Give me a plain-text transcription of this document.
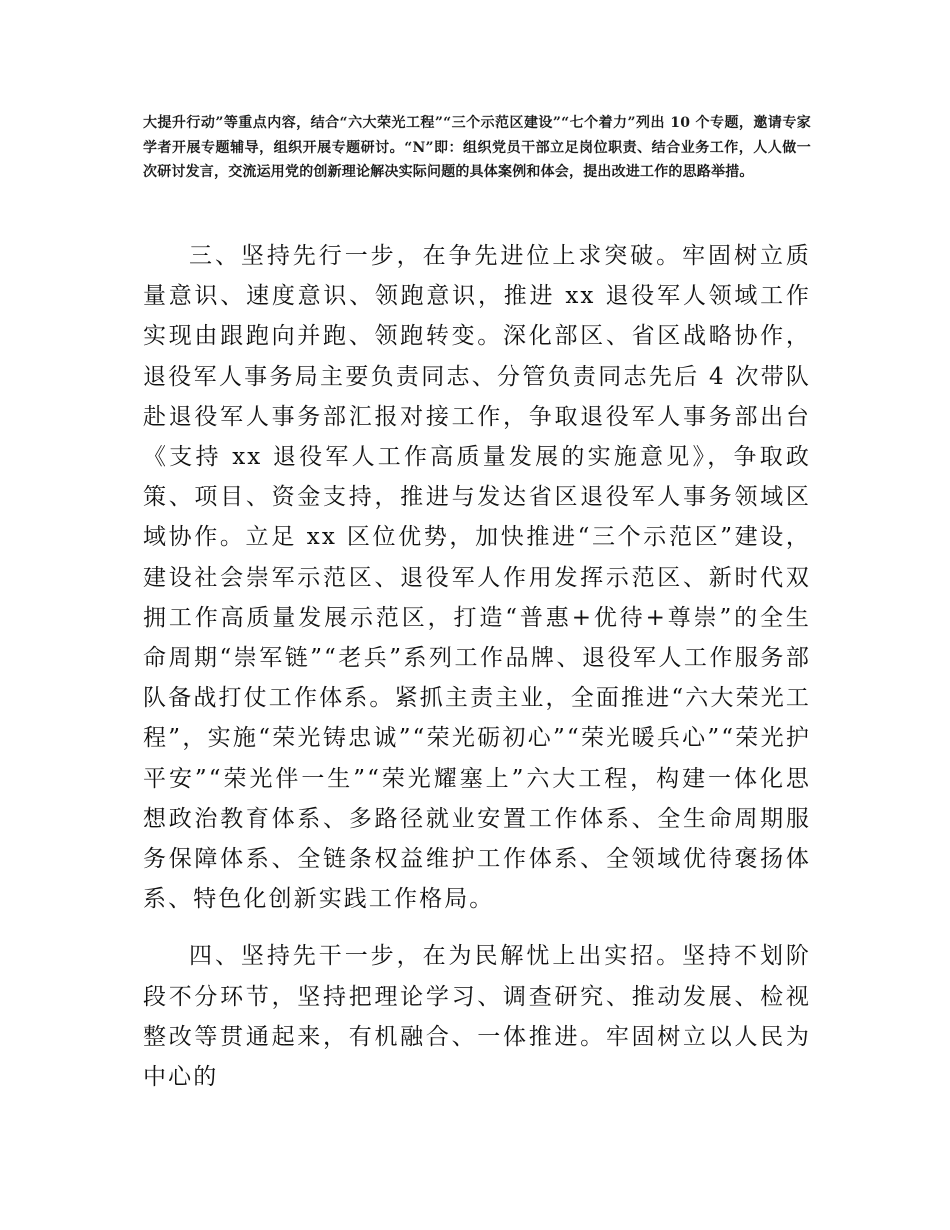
大提升行动”等重点内容，结合“六大荣光工程”“三个示范区建设”“七个着力”列出 10 个专题，邀请专家学者开展专题辅导，组织开展专题研讨。“N”即：组织党员干部立足岗位职责、结合业务工作，人人做一次研讨发言，交流运用党的创新理论解决实际问题的具体案例和体会，提出改进工作的思路举措。

三、坚持先行一步，在争先进位上求突破。牢固树立质量意识、速度意识、领跑意识，推进 xx 退役军人领域工作实现由跟跑向并跑、领跑转变。深化部区、省区战略协作，退役军人事务局主要负责同志、分管负责同志先后 4 次带队赴退役军人事务部汇报对接工作，争取退役军人事务部出台《支持 xx 退役军人工作高质量发展的实施意见》，争取政策、项目、资金支持，推进与发达省区退役军人事务领域区域协作。立足 xx 区位优势，加快推进“三个示范区”建设，建设社会崇军示范区、退役军人作用发挥示范区、新时代双拥工作高质量发展示范区，打造“普惠+优待+尊崇”的全生命周期“崇军链”“老兵”系列工作品牌、退役军人工作服务部队备战打仗工作体系。紧抓主责主业，全面推进“六大荣光工程”，实施“荣光铸忠诚”“荣光砺初心”“荣光暖兵心”“荣光护平安”“荣光伴一生”“荣光耀塞上”六大工程，构建一体化思想政治教育体系、多路径就业安置工作体系、全生命周期服务保障体系、全链条权益维护工作体系、全领域优待褒扬体系、特色化创新实践工作格局。

四、坚持先干一步，在为民解忧上出实招。坚持不划阶段不分环节，坚持把理论学习、调查研究、推动发展、检视整改等贯通起来，有机融合、一体推进。牢固树立以人民为中心的
